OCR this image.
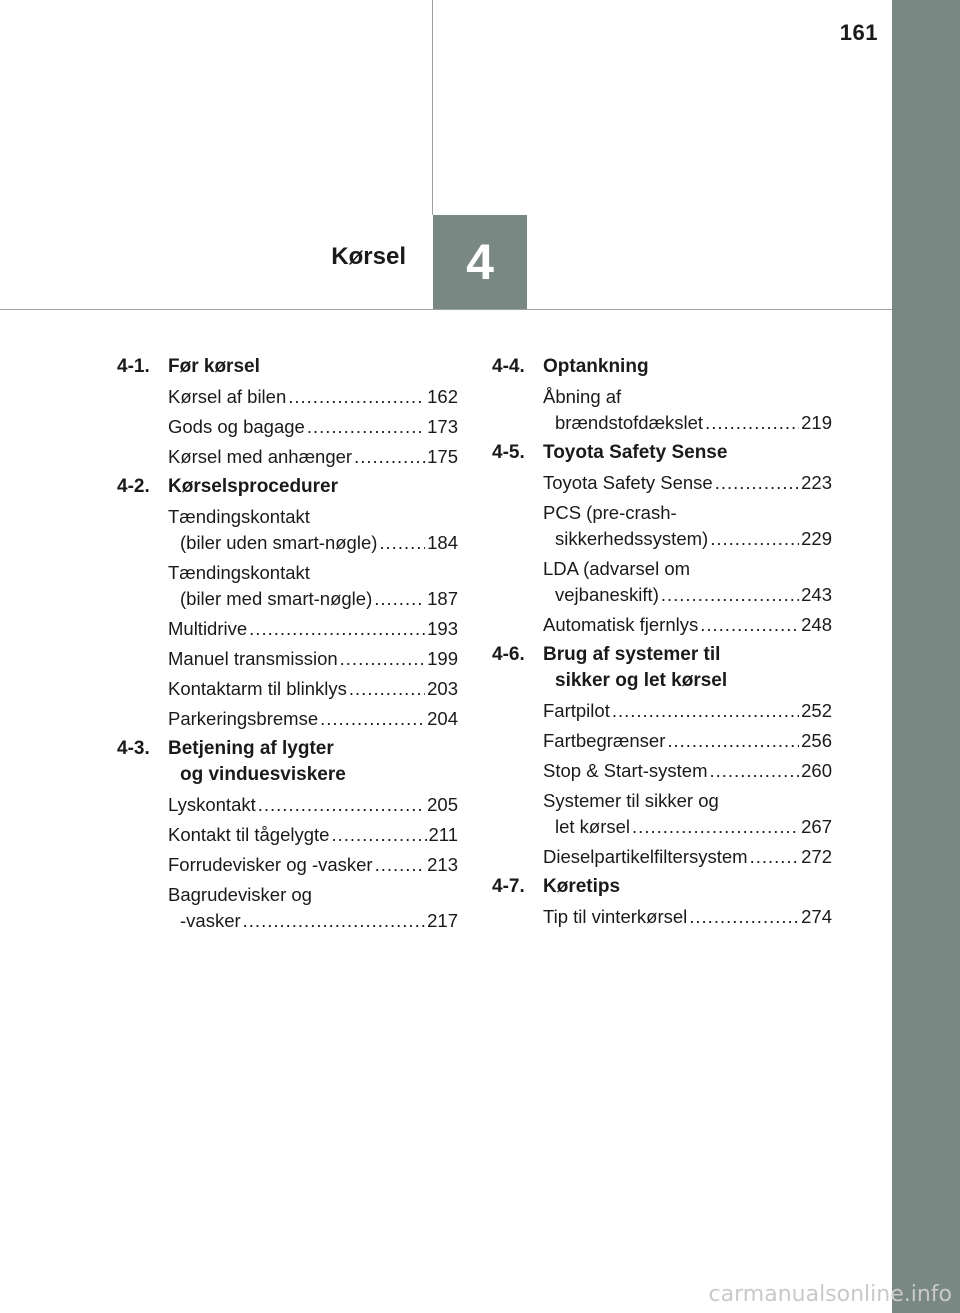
161
4
Kørsel
4-1. Før kørsel
Kørsel af bilen .....	162
Gods og bagage .....	173
Kørsel med anhænger .....	175
4-2. Kørselsprocedurer
Tændingskontakt
(biler uden smart-nøgle) .....	184
Tændingskontakt
(biler med smart-nøgle) .....	187
Multidrive .....	193
Manuel transmission .....	199
Kontaktarm til blinklys .....	203
Parkeringsbremse .....	204
4-3. Betjening af lygter

og vinduesviskere
Lyskontakt .....	205
Kontakt til tågelygte .....	211
Forrudevisker og -vasker .....	213
Bagrudevisker og
-vasker .....	217
4-4. Optankning
Åbning af
brændstofdækslet .....	219
4-5. Toyota Safety Sense
Toyota Safety Sense .....	223
PCS (pre-crash-
sikkerhedssystem) .....	229
LDA (advarsel om
vejbaneskift) .....	243
Automatisk fjernlys .....	248
4-6. Brug af systemer til

sikker og let kørsel
Fartpilot .....	252
Fartbegrænser .....	256
Stop & Start-system .....	260
Systemer til sikker og
let kørsel .....	267
Dieselpartikelfiltersystem .....	272
4-7. Køretips
Tip til vinterkørsel .....	274
carmanualsonline.info
